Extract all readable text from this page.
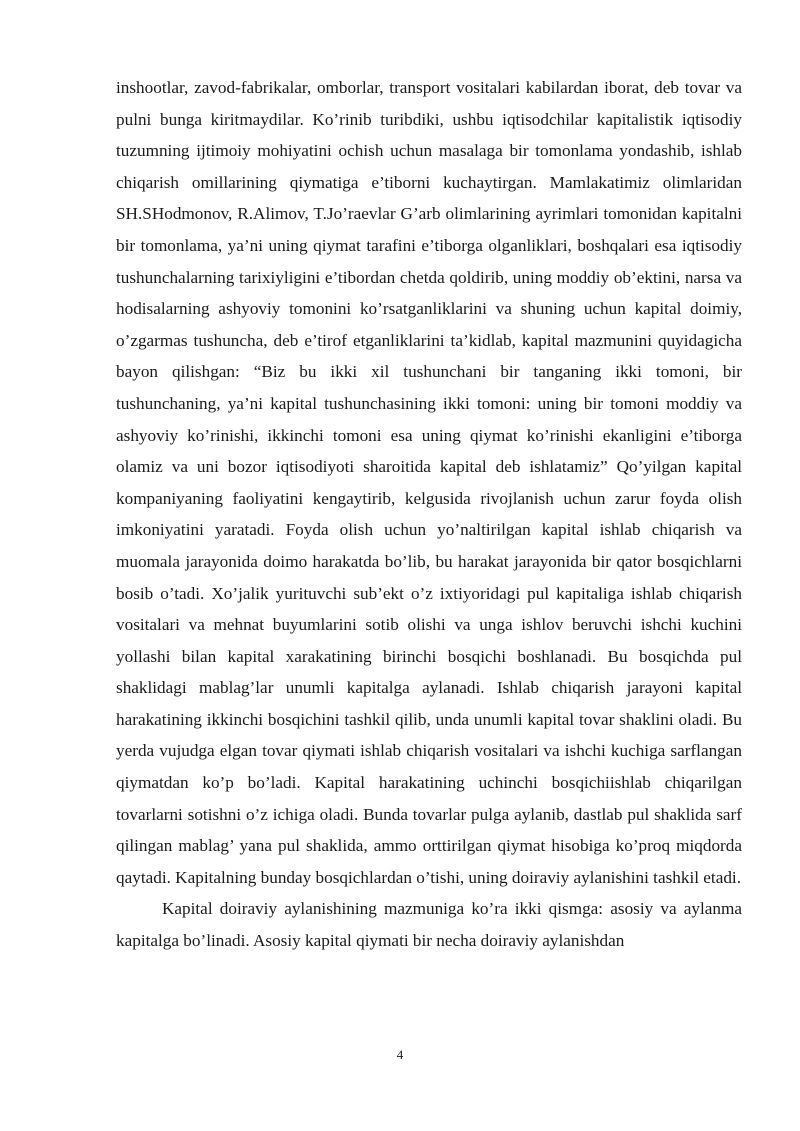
inshootlar, zavod-fabrikalar, omborlar, transport vositalari kabilardan iborat, deb tovar va pulni bunga kiritmaydilar. Ko’rinib turibdiki, ushbu iqtisodchilar kapitalistik iqtisodiy tuzumning ijtimoiy mohiyatini ochish uchun masalaga bir tomonlama yondashib, ishlab chiqarish omillarining qiymatiga e’tiborni kuchaytirgan. Mamlakatimiz olimlaridan SH.SHodmonov, R.Alimov, T.Jo’raevlar G’arb olimlarining ayrimlari tomonidan kapitalni bir tomonlama, ya’ni uning qiymat tarafini e’tiborga olganliklari, boshqalari esa iqtisodiy tushunchalarning tarixiyligini e’tibordan chetda qoldirib, uning moddiy ob’ektini, narsa va hodisalarning ashyoviy tomonini ko’rsatganliklarini va shuning uchun kapital doimiy, o’zgarmas tushuncha, deb e’tirof etganliklarini ta’kidlab, kapital mazmunini quyidagicha bayon qilishgan: “Biz bu ikki xil tushunchani bir tanganing ikki tomoni, bir tushunchaning, ya’ni kapital tushunchasining ikki tomoni: uning bir tomoni moddiy va ashyoviy ko’rinishi, ikkinchi tomoni esa uning qiymat ko’rinishi ekanligini e’tiborga olamiz va uni bozor iqtisodiyoti sharoitida kapital deb ishlatamiz” Qo’yilgan kapital kompaniyaning faoliyatini kengaytirib, kelgusida rivojlanish uchun zarur foyda olish imkoniyatini yaratadi. Foyda olish uchun yo’naltirilgan kapital ishlab chiqarish va muomala jarayonida doimo harakatda bo’lib, bu harakat jarayonida bir qator bosqichlarni bosib o’tadi. Xo’jalik yurituvchi sub’ekt o’z ixtiyoridagi pul kapitaliga ishlab chiqarish vositalari va mehnat buyumlarini sotib olishi va unga ishlov beruvchi ishchi kuchini yollashi bilan kapital xarakatining birinchi bosqichi boshlanadi. Bu bosqichda pul shaklidagi mablag’lar unumli kapitalga aylanadi. Ishlab chiqarish jarayoni kapital harakatining ikkinchi bosqichini tashkil qilib, unda unumli kapital tovar shaklini oladi. Bu yerda vujudga elgan tovar qiymati ishlab chiqarish vositalari va ishchi kuchiga sarflangan qiymatdan ko’p bo’ladi. Kapital harakatining uchinchi bosqichiishlab chiqarilgan tovarlarni sotishni o’z ichiga oladi. Bunda tovarlar pulga aylanib, dastlab pul shaklida sarf qilingan mablag’ yana pul shaklida, ammo orttirilgan qiymat hisobiga ko’proq miqdorda qaytadi. Kapitalning bunday bosqichlardan o’tishi, uning doiraviy aylanishini tashkil etadi.

Kapital doiraviy aylanishining mazmuniga ko’ra ikki qismga: asosiy va aylanma kapitalga bo’linadi. Asosiy kapital qiymati bir necha doiraviy aylanishdan

4
